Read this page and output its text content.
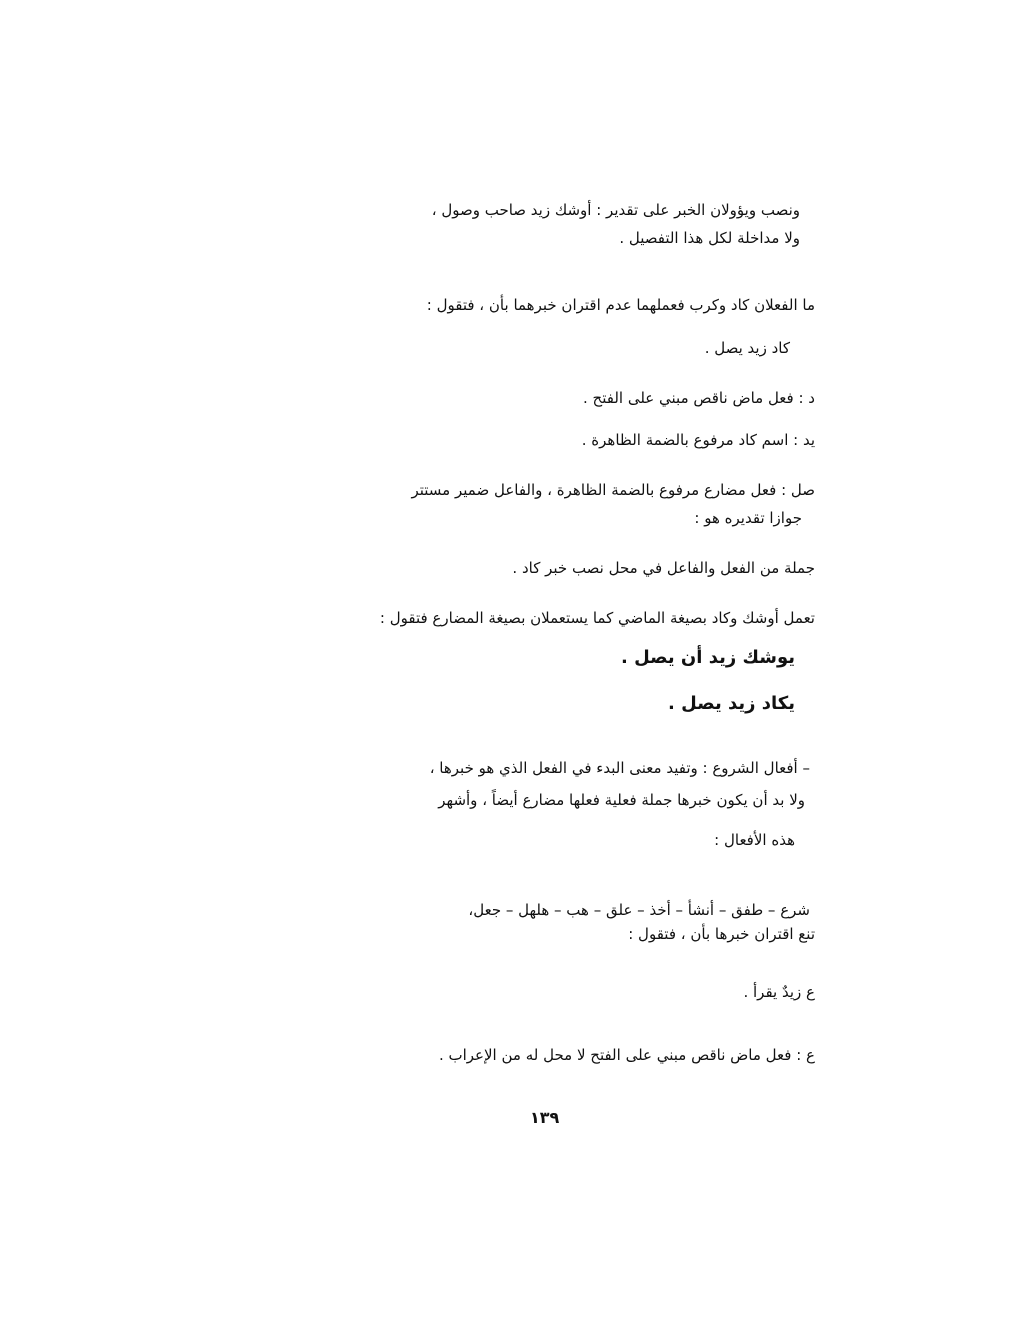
ونصب ويؤولان الخبر على تقدير : أوشك زيد صاحب وصول ،
ولا مداخلة لكل هذا التفصيل .
ما الفعلان كاد وكرب فعملهما عدم اقتران خبرهما بأن ، فتقول :
كاد زيد يصل .
د : فعل ماض ناقص مبني على الفتح .
يد : اسم كاد مرفوع بالضمة الظاهرة .
صل : فعل مضارع مرفوع بالضمة الظاهرة ، والفاعل ضمير مستتر
جوازا تقديره هو :
جملة من الفعل والفاعل في محل نصب خبر كاد .
تعمل أوشك وكاد بصيغة الماضي كما يستعملان بصيغة المضارع فتقول :
يوشك زيد أن يصل .
يكاد زيد يصل .
– أفعال الشروع : وتفيد معنى البدء في الفعل الذي هو خبرها ،
ولا بد أن يكون خبرها جملة فعلية فعلها مضارع أيضاً ، وأشهر
هذه الأفعال :
شرع – طفق – أنشأ – أخذ – علق – هب – هلهل – جعل،
تنع اقتران خبرها بأن ، فتقول :
ع زيدٌ يقرأ .
ع : فعل ماض ناقص مبني على الفتح لا محل له من الإعراب .
١٣٩
